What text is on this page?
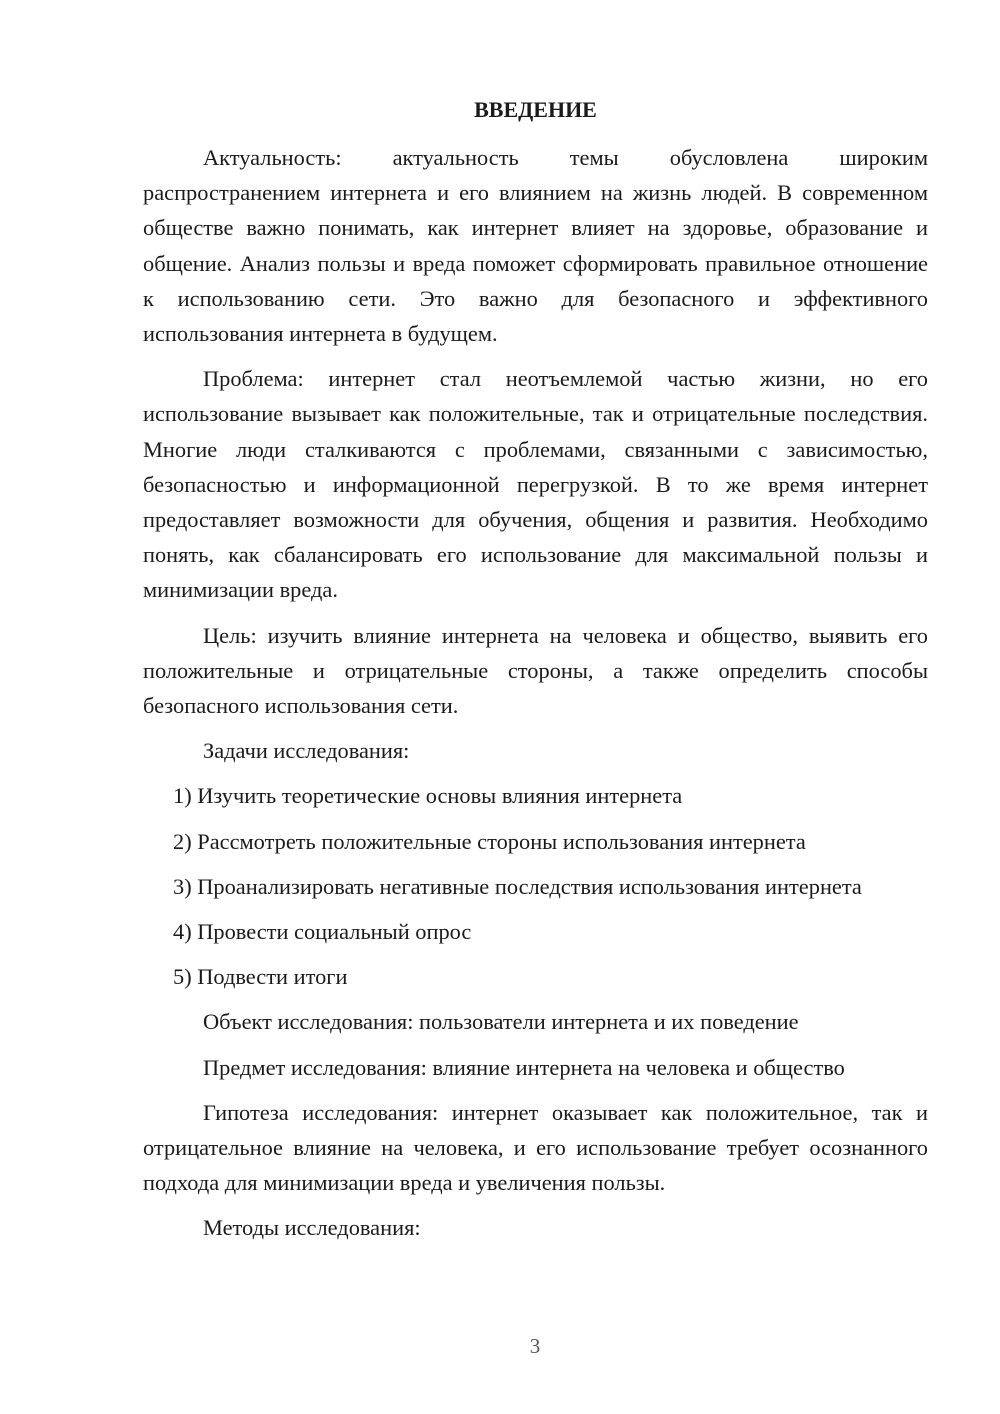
ВВЕДЕНИЕ

Актуальность: актуальность темы обусловлена широким распространением интернета и его влиянием на жизнь людей. В современном обществе важно понимать, как интернет влияет на здоровье, образование и общение. Анализ пользы и вреда поможет сформировать правильное отношение к использованию сети. Это важно для безопасного и эффективного использования интернета в будущем.

Проблема: интернет стал неотъемлемой частью жизни, но его использование вызывает как положительные, так и отрицательные последствия. Многие люди сталкиваются с проблемами, связанными с зависимостью, безопасностью и информационной перегрузкой. В то же время интернет предоставляет возможности для обучения, общения и развития. Необходимо понять, как сбалансировать его использование для максимальной пользы и минимизации вреда.

Цель: изучить влияние интернета на человека и общество, выявить его положительные и отрицательные стороны, а также определить способы безопасного использования сети.

Задачи исследования:

1) Изучить теоретические основы влияния интернета

2) Рассмотреть положительные стороны использования интернета

3) Проанализировать негативные последствия использования интернета

4) Провести социальный опрос

5) Подвести итоги

Объект исследования: пользователи интернета и их поведение

Предмет исследования: влияние интернета на человека и общество

Гипотеза исследования: интернет оказывает как положительное, так и отрицательное влияние на человека, и его использование требует осознанного подхода для минимизации вреда и увеличения пользы.

Методы исследования:

3
